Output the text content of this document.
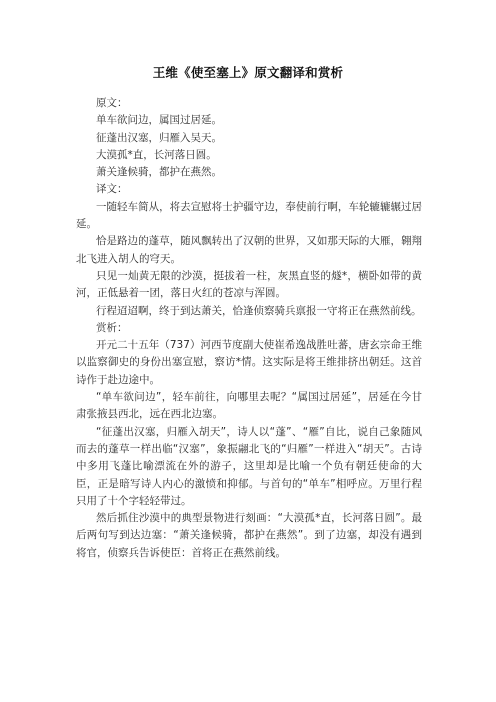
王维《使至塞上》原文翻译和赏析

原文：

单车欲问边，属国过居延。

征蓬出汉塞，归雁入吴天。

大漠孤*直，长河落日圆。

萧关逢候骑，都护在燕然。

译文：

一随轻车简从，将去宣慰将士护疆守边，奉使前行啊，车轮辘辘辗过居延。

恰是路边的蓬草，随风飘转出了汉朝的世界，又如那天际的大雁，翱翔北飞进入胡人的穹天。

只见一灿黄无限的沙漠，挺拔着一柱，灰黑直竖的燧*，横卧如带的黄河，正低悬着一团，落日火红的苍凉与浑圆。

行程迢迢啊，终于到达萧关，恰逢侦察骑兵禀报一守将正在燕然前线。

赏析：

开元二十五年（737）河西节度副大使崔希逸战胜吐蕃，唐玄宗命王维以监察御史的身份出塞宣慰，察访*情。这实际是将王维排挤出朝廷。这首诗作于赴边途中。

“单车欲问边”，轻车前往，向哪里去呢？“属国过居延”，居延在今甘肃张掖县西北，远在西北边塞。

“征蓬出汉塞，归雁入胡天”，诗人以“蓬”、“雁”自比，说自己象随风而去的蓬草一样出临“汉塞”，象振翮北飞的“归雁”一样进入“胡天”。古诗中多用飞蓬比喻漂流在外的游子，这里却是比喻一个负有朝廷使命的大臣，正是暗写诗人内心的激愤和抑郁。与首句的“单车”相呼应。万里行程只用了十个字轻轻带过。

然后抓住沙漠中的典型景物进行刻画：“大漠孤*直，长河落日圆”。最后两句写到达边塞：“萧关逢候骑，都护在燕然”。到了边塞，却没有遇到将官，侦察兵告诉使臣：首将正在燕然前线。
